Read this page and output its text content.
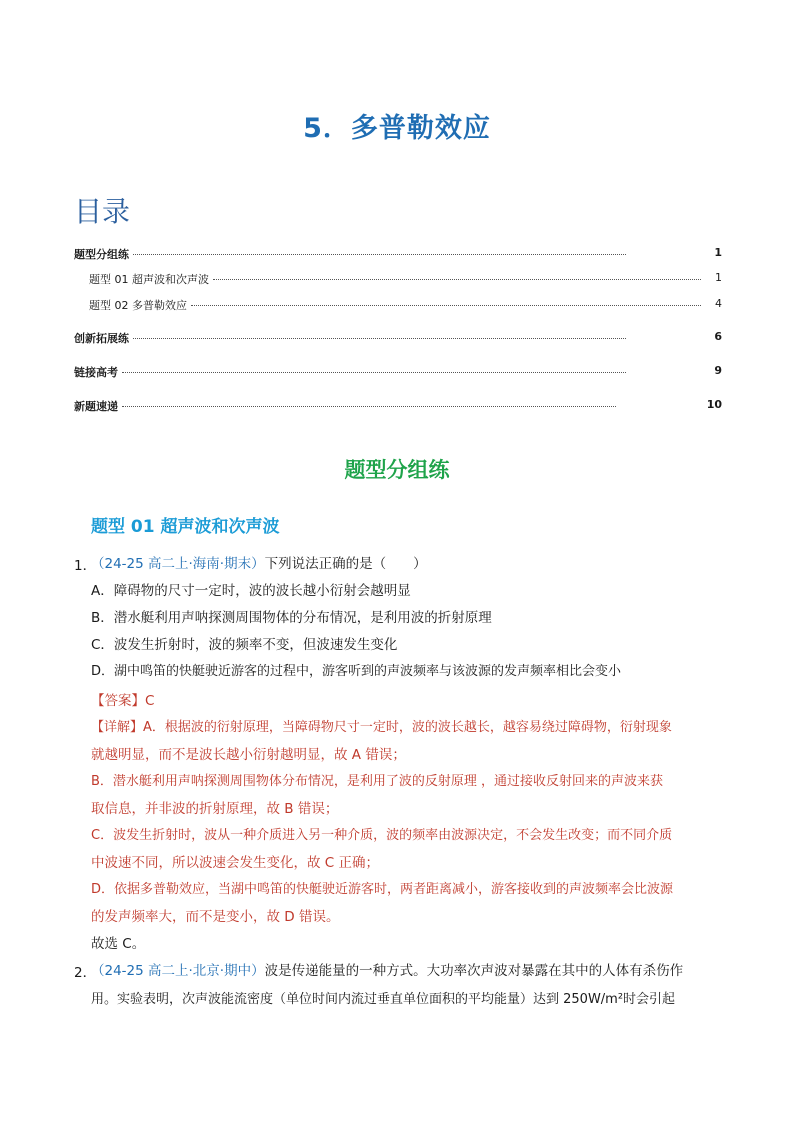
5．多普勒效应
目录
题型分组练	1
题型 01 超声波和次声波	1
题型 02 多普勒效应	4
创新拓展练	6
链接高考	9
新题速递	10
题型分组练
题型 01 超声波和次声波
1．
（24-25 高二上·海南·期末）下列说法正确的是（　　）
A．障碍物的尺寸一定时，波的波长越小衍射会越明显
B．潜水艇利用声呐探测周围物体的分布情况，是利用波的折射原理
C．波发生折射时，波的频率不变，但波速发生变化
D．湖中鸣笛的快艇驶近游客的过程中，游客听到的声波频率与该波源的发声频率相比会变小
【答案】C
【详解】A．根据波的衍射原理，当障碍物尺寸一定时，波的波长越长，越容易绕过障碍物，衍射现象
就越明显，而不是波长越小衍射越明显，故 A 错误；
B．潜水艇利用声呐探测周围物体分布情况，是利用了波的反射原理 ，通过接收反射回来的声波来获
取信息，并非波的折射原理，故 B 错误；
C．波发生折射时，波从一种介质进入另一种介质，波的频率由波源决定，不会发生改变；而不同介质
中波速不同，所以波速会发生变化，故 C 正确；
D．依据多普勒效应，当湖中鸣笛的快艇驶近游客时，两者距离减小，游客接收到的声波频率会比波源
的发声频率大，而不是变小，故 D 错误。
故选 C。
2．
（24-25 高二上·北京·期中）波是传递能量的一种方式。大功率次声波对暴露在其中的人体有杀伤作
用。实验表明，次声波能流密度（单位时间内流过垂直单位面积的平均能量）达到 250W/m²时会引起
